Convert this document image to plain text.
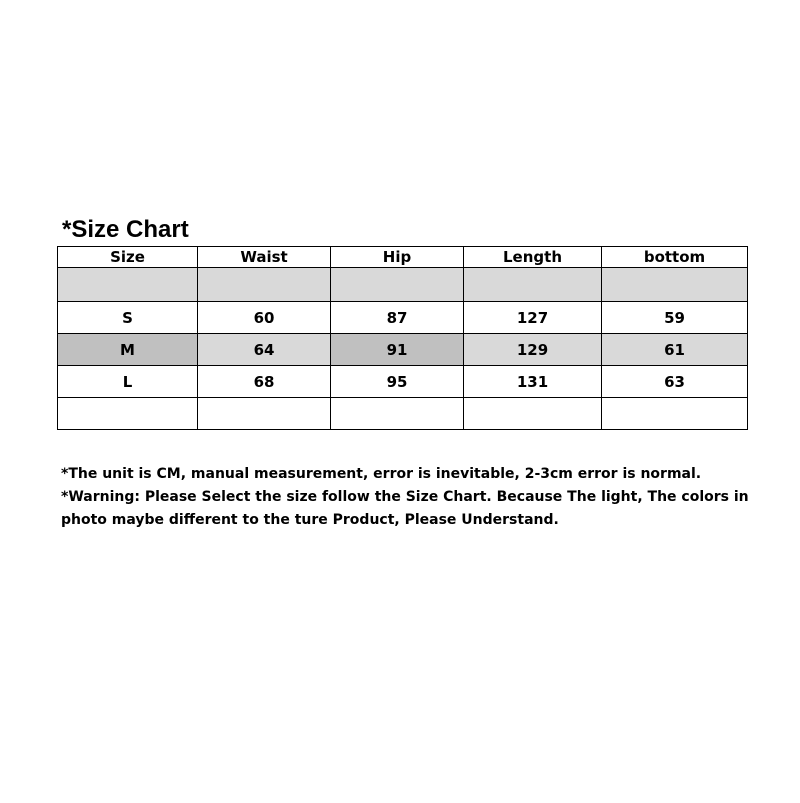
*Size Chart
Size	Waist	Hip	Length	bottom

S	60	87	127	59
M	64	91	129	61
L	68	95	131	63

*The unit is CM, manual measurement, error is inevitable, 2-3cm error is normal.

*Warning: Please Select the size follow the Size Chart. Because The light, The colors in photo maybe different to the ture Product, Please Understand.
